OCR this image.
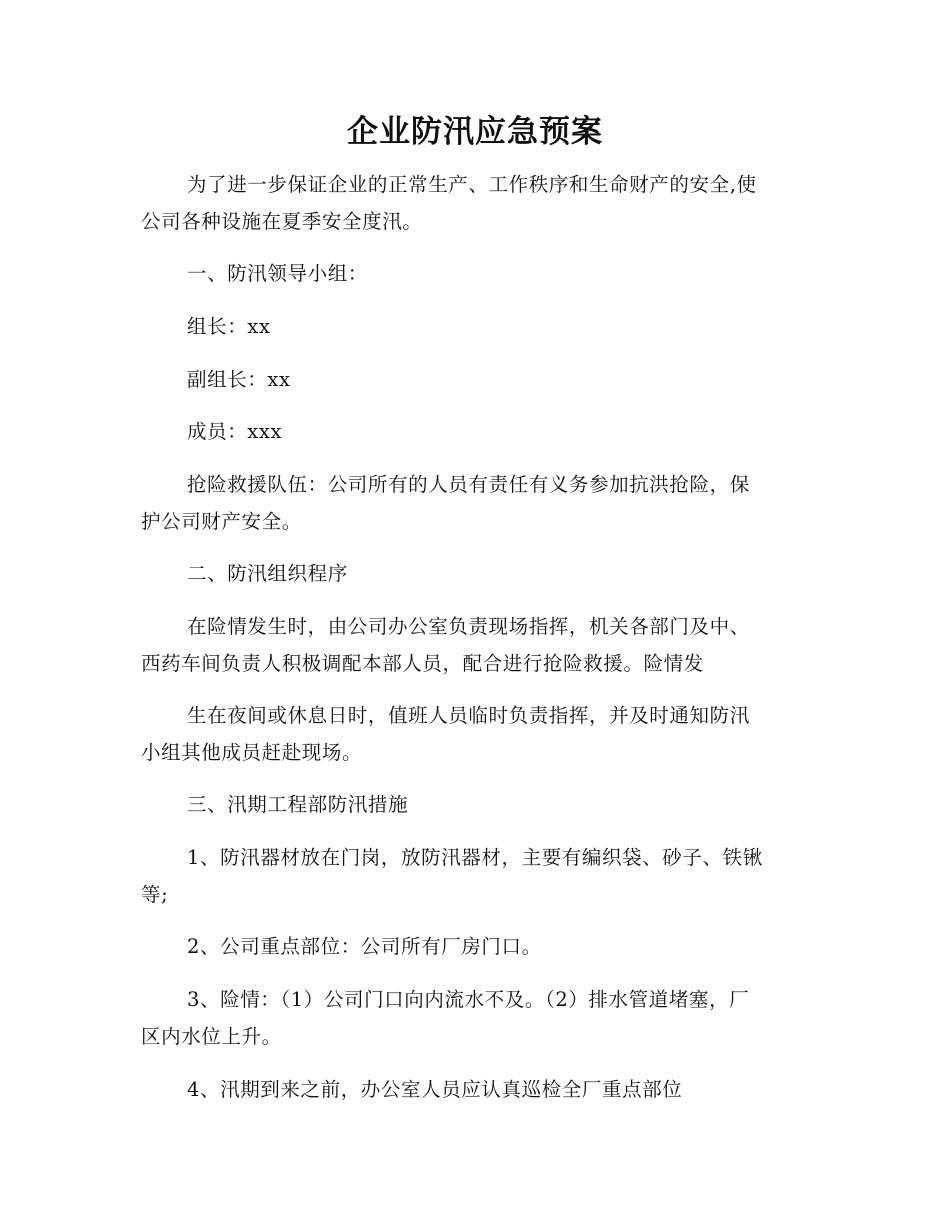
企业防汛应急预案
为了进一步保证企业的正常生产、工作秩序和生命财产的安全,使
公司各种设施在夏季安全度汛。
一、防汛领导小组：
组长：xx
副组长：xx
成员：xxx
抢险救援队伍：公司所有的人员有责任有义务参加抗洪抢险，保
护公司财产安全。
二、防汛组织程序
在险情发生时，由公司办公室负责现场指挥，机关各部门及中、
西药车间负责人积极调配本部人员，配合进行抢险救援。险情发
生在夜间或休息日时，值班人员临时负责指挥，并及时通知防汛
小组其他成员赶赴现场。
三、汛期工程部防汛措施
1、防汛器材放在门岗，放防汛器材，主要有编织袋、砂子、铁锹
等;
2、公司重点部位：公司所有厂房门口。
3、险情：（1）公司门口向内流水不及。（2）排水管道堵塞，厂
区内水位上升。
4、汛期到来之前，办公室人员应认真巡检全厂重点部位
